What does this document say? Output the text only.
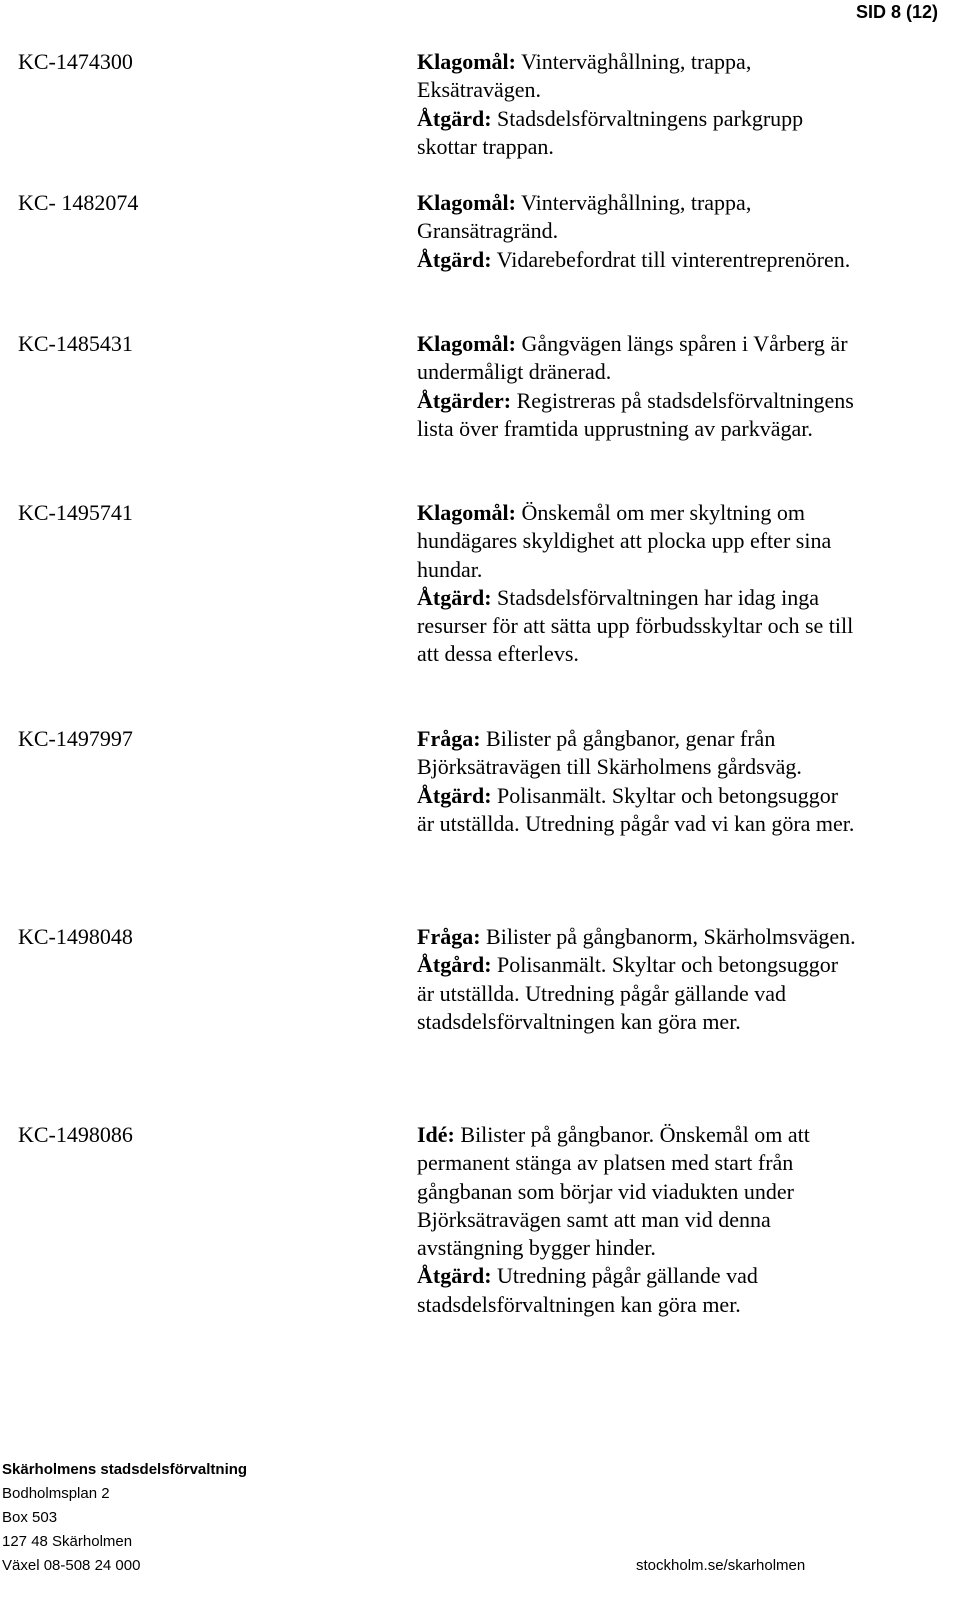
SID 8 (12)
KC-1474300	Klagomål: Vinterväghållning, trappa, Eksätravägen.

Åtgärd: Stadsdelsförvaltningens parkgrupp skottar trappan.

KC- 1482074	Klagomål: Vinterväghållning, trappa, Gransätragränd.

Åtgärd: Vidarebefordrat till vinterentreprenören.

KC-1485431	Klagomål: Gångvägen längs spåren i Vårberg är undermåligt dränerad.

Åtgärder: Registreras på stadsdelsförvaltningens lista över framtida upprustning av parkvägar.

KC-1495741	Klagomål: Önskemål om mer skyltning om hundägares skyldighet att plocka upp efter sina hundar.

Åtgärd: Stadsdelsförvaltningen har idag inga resurser för att sätta upp förbudsskyltar och se till att dessa efterlevs.

KC-1497997	Fråga: Bilister på gångbanor, genar från Björksätravägen till Skärholmens gårdsväg.

Åtgärd: Polisanmält. Skyltar och betongsuggor är utställda. Utredning pågår vad vi kan göra mer.

KC-1498048	Fråga: Bilister på gångbanorm, Skärholmsvägen.

Åtgård: Polisanmält. Skyltar och betongsuggor är utställda. Utredning pågår gällande vad stadsdelsförvaltningen kan göra mer.

KC-1498086	Idé: Bilister på gångbanor. Önskemål om att permanent stänga av platsen med start från gångbanan som börjar vid viadukten under Björksätravägen samt att man vid denna avstängning bygger hinder.

Åtgärd: Utredning pågår gällande vad stadsdelsförvaltningen kan göra mer.

Skärholmens stadsdelsförvaltning
Bodholmsplan 2
Box 503
127 48 Skärholmen
Växel 08-508 24 000	stockholm.se/skarholmen
